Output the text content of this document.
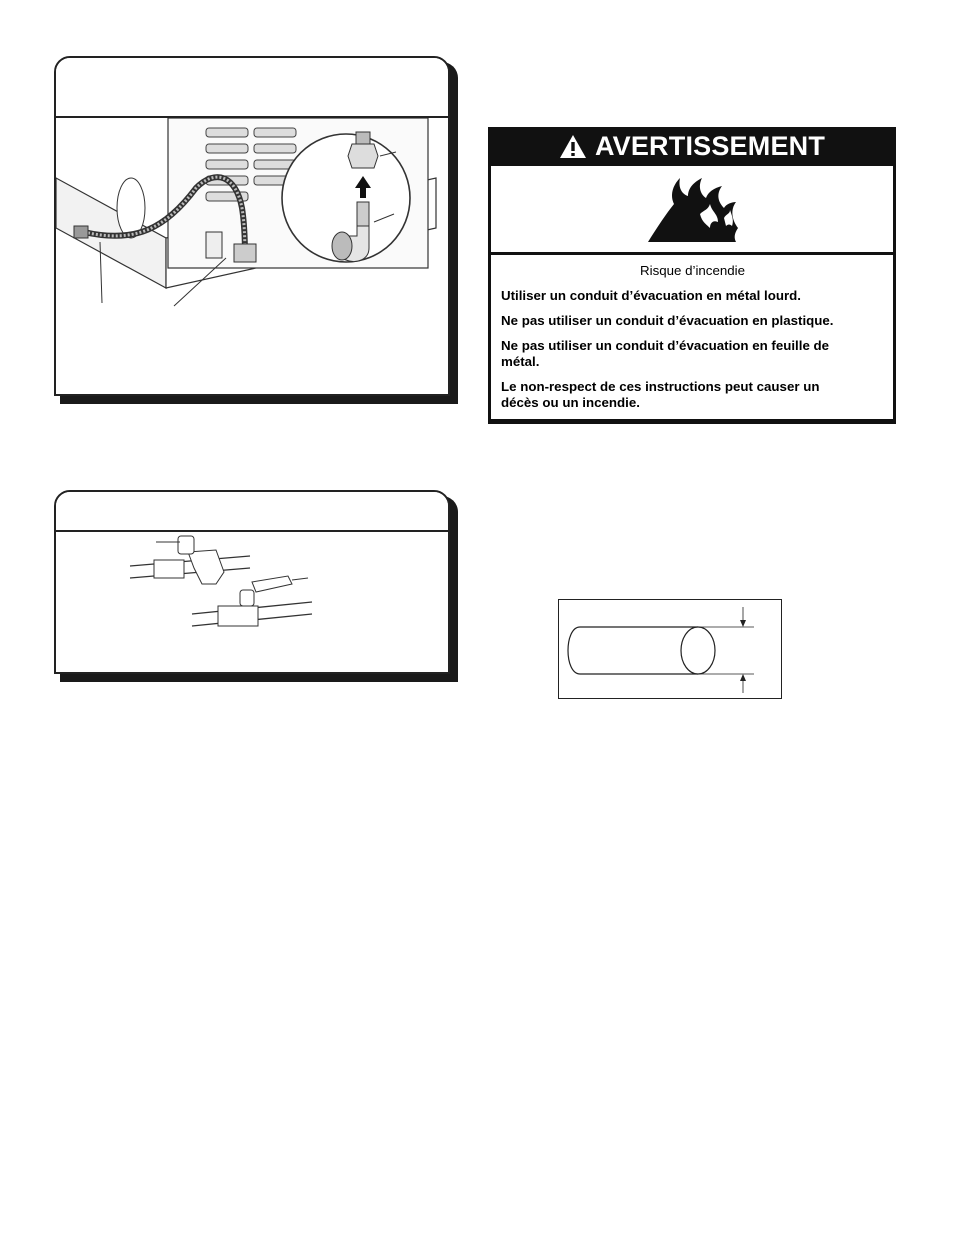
AVERTISSEMENT
Risque d’incendie
Utiliser un conduit d’évacuation en métal lourd.
Ne pas utiliser un conduit d’évacuation en plastique.
Ne pas utiliser un conduit d’évacuation en feuille de métal.
Le non-respect de ces instructions peut causer un décès ou un incendie.
